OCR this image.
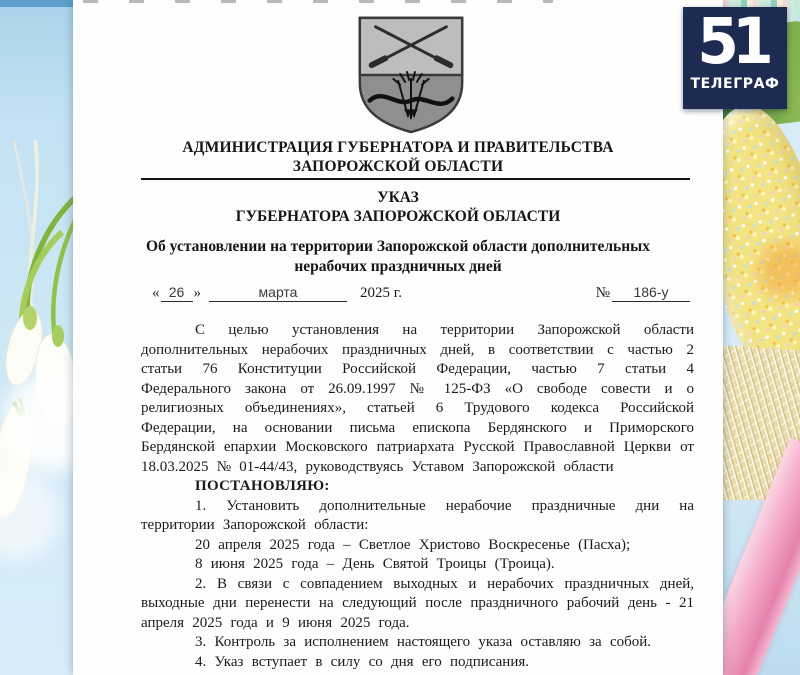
АДМИНИСТРАЦИЯ ГУБЕРНАТОРА И ПРАВИТЕЛЬСТВА
ЗАПОРОЖСКОЙ ОБЛАСТИ
УКАЗ
ГУБЕРНАТОРА ЗАПОРОЖСКОЙ ОБЛАСТИ
Об установлении на территории Запорожской области дополнительных
нерабочих праздничных дней
« 26 »	марта	2025 г.	№	186-у

С целью установления на территории Запорожской области дополнительных нерабочих праздничных дней, в соответствии с частью 2 статьи 76 Конституции Российской Федерации, частью 7 статьи 4 Федерального закона от 26.09.1997 № 125-ФЗ «О свободе совести и о религиозных объединениях», статьей 6 Трудового кодекса Российской Федерации, на основании письма епископа Бердянского и Приморского Бердянской епархии Московского патриархата Русской Православной Церкви от 18.03.2025 № 01-44/43, руководствуясь Уставом Запорожской области

ПОСТАНОВЛЯЮ:

1. Установить дополнительные нерабочие праздничные дни на территории Запорожской области:

20 апреля 2025 года – Светлое Христово Воскресенье (Пасха);

8 июня 2025 года – День Святой Троицы (Троица).

2. В связи с совпадением выходных и нерабочих праздничных дней, выходные дни перенести на следующий после праздничного рабочий день - 21 апреля 2025 года и 9 июня 2025 года.

3. Контроль за исполнением настоящего указа оставляю за собой.

4. Указ вступает в силу со дня его подписания.

51
ТЕЛЕГРАФ
